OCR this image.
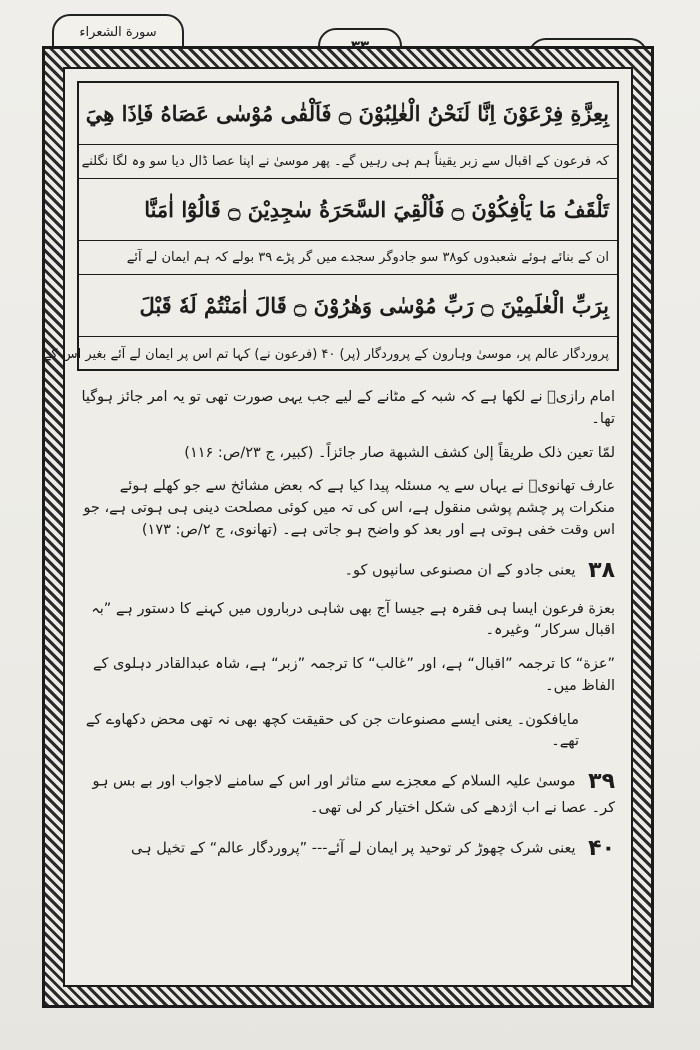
سورة الشعراء
بِعِزَّةِ فِرْعَوْنَ اِنَّا لَنَحْنُ الْغٰلِبُوْنَ ۝ فَاَلْقٰى مُوْسٰى عَصَاهُ فَاِذَا هِيَ
کہ فرعون کے اقبال سے زبر یقیناً ہم ہی رہیں گے۔ پھر موسیٰ نے اپنا عصا ڈال دیا سو وہ لگا نگلنے
تَلْقَفُ مَا يَاْفِكُوْنَ ۝ فَاُلْقِيَ السَّحَرَةُ سٰجِدِيْنَ ۝ قَالُوْٓا اٰمَنَّا
ان کے بنائے ہوئے شعبدوں کو۳۸ سو جادوگر سجدے میں گر پڑے ۳۹ بولے کہ ہم ایمان لے آئے
بِرَبِّ الْعٰلَمِيْنَ ۝ رَبِّ مُوْسٰى وَهٰرُوْنَ ۝ قَالَ اٰمَنْتُمْ لَهٗ قَبْلَ
پروردگار عالم پر، موسیٰ وہارون کے پروردگار (پر) ۴۰ (فرعون نے) کہا تم اس پر ایمان لے آئے بغیر اس کے

امام رازیؒ نے لکھا ہے کہ شبہ کے مٹانے کے لیے جب یہی صورت تھی تو یہ امر جائز ہوگیا تھا۔

لمّا تعین ذلک طریقاً إلیٰ کشف الشبهة صار جائزاً۔ (کبیر، ج ۲۳/ص: ۱۱۶)

عارف تھانویؒ نے یہاں سے یہ مسئلہ پیدا کیا ہے کہ بعض مشائخ سے جو کھلے ہوئے منکرات پر چشم پوشی منقول ہے، اس کی تہ میں کوئی مصلحت دینی ہی ہوتی ہے، جو اس وقت خفی ہوتی ہے اور بعد کو واضح ہو جاتی ہے۔ (تھانوی، ج ۲/ص: ۱۷۳)

۳۸ یعنی جادو کے ان مصنوعی سانپوں کو۔

بعزة فرعون ایسا ہی فقرہ ہے جیسا آج بھی شاہی درباروں میں کہنے کا دستور ہے ”بہ اقبال سرکار“ وغیرہ۔

”عزة“ کا ترجمہ ”اقبال“ ہے، اور ”غالب“ کا ترجمہ ”زبر“ ہے، شاہ عبدالقادر دہلوی کے الفاظ میں۔

مایافکون۔ یعنی ایسے مصنوعات جن کی حقیقت کچھ بھی نہ تھی محض دکھاوے کے تھے۔

۳۹ موسیٰ علیہ السلام کے معجزے سے متاثر اور اس کے سامنے لاجواب اور بے بس ہو کر۔ عصا نے اب اژدھے کی شکل اختیار کر لی تھی۔

۴۰ یعنی شرک چھوڑ کر توحید پر ایمان لے آئے--- ”پروردگار عالم“ کے تخیل ہی
